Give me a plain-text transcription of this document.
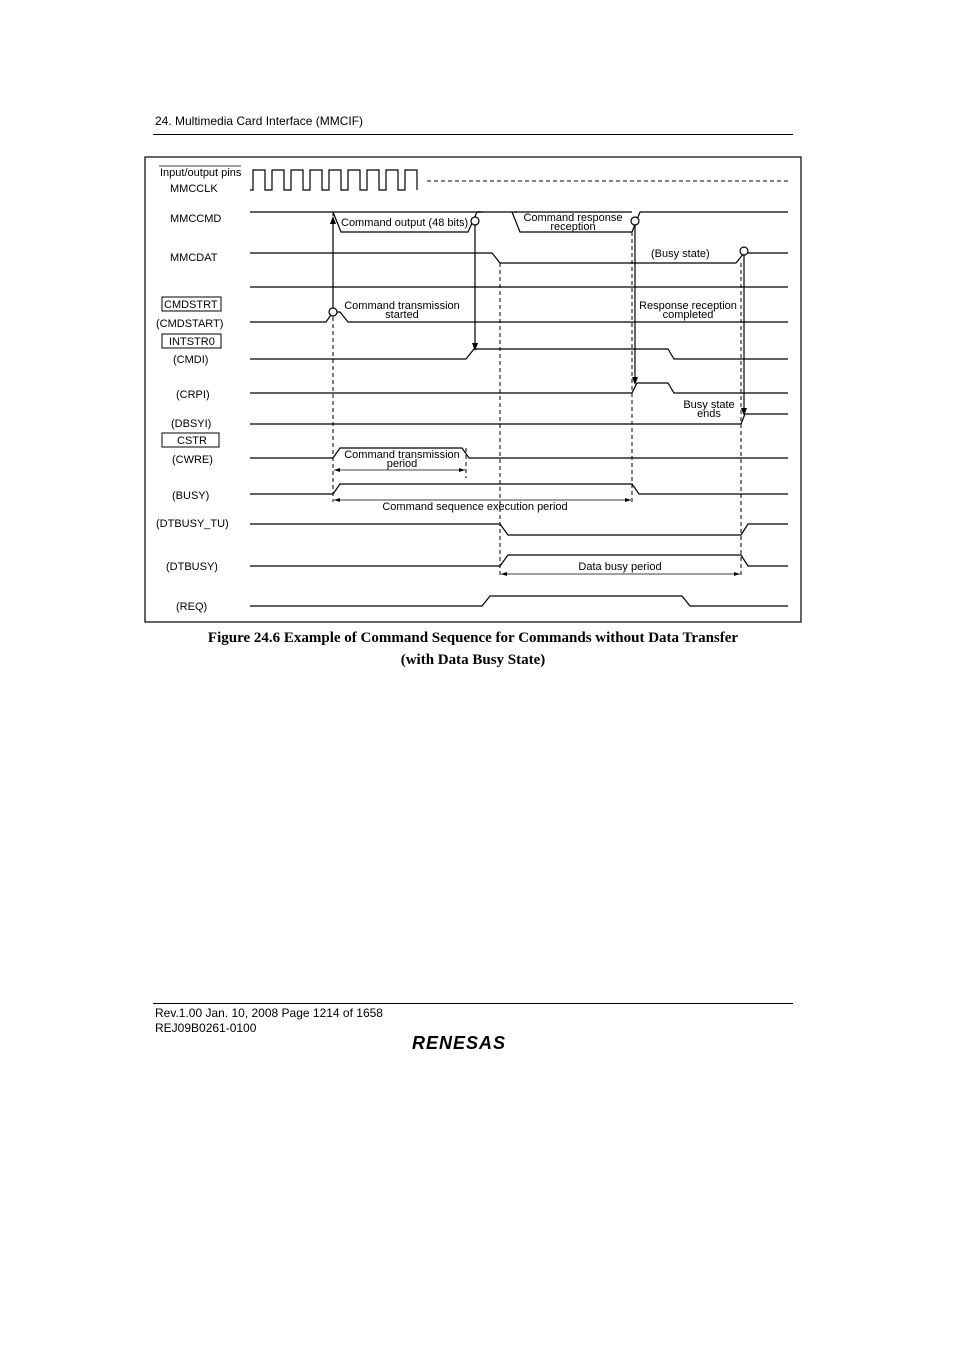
24. Multimedia Card Interface (MMCIF)
Input/output pins
MMCCLK
MMCCMD
MMCDAT
CMDSTRT
(CMDSTART)
INTSTR0
(CMDI)
(CRPI)
(DBSYI)
CSTR
(CWRE)
(BUSY)
(DTBUSY_TU)
(DTBUSY)
(REQ)
Command output (48 bits)	Command response
reception
(Busy state)
Command transmission
started
Response reception
completed
Busy state
ends
Command transmission
period
Command sequence execution period
Data busy period
Figure 24.6 Example of Command Sequence for Commands without Data Transfer
(with Data Busy State)
Rev.1.00 Jan. 10, 2008 Page 1214 of 1658
REJ09B0261-0100
RENESAS
